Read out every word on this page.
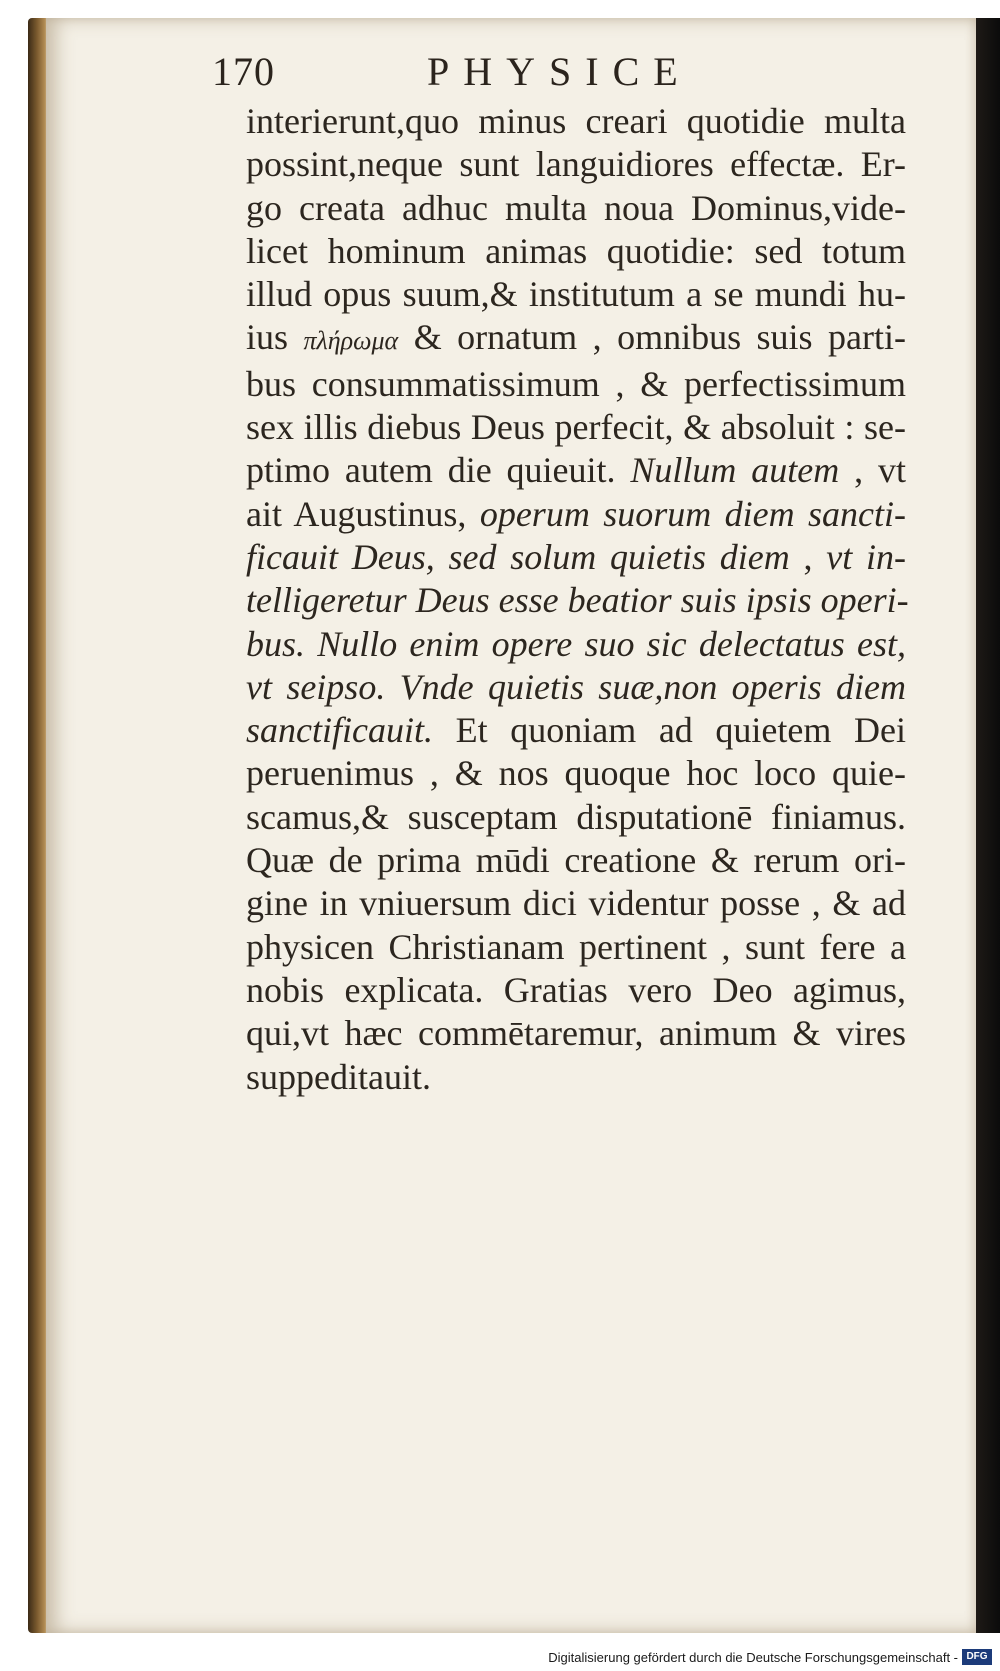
170	PHYSICE
interierunt,quo minus creari quotidie multa
possint,neque sunt languidiores effectæ. Er-
go creata adhuc multa noua Dominus,vide-
licet hominum animas quotidie: sed totum
illud opus suum,& institutum a se mundi hu-
ius πλήρωμα & ornatum , omnibus suis parti-
bus consummatissimum , & perfectissimum
sex illis diebus Deus perfecit, & absoluit : se-
ptimo autem die quieuit. Nullum autem , vt
ait Augustinus, operum suorum diem sancti-
ficauit Deus, sed solum quietis diem , vt in-
telligeretur Deus esse beatior suis ipsis operi-
bus. Nullo enim opere suo sic delectatus est,
vt seipso. Vnde quietis suæ,non operis diem
sanctificauit. Et quoniam ad quietem Dei
peruenimus , & nos quoque hoc loco quie-
scamus,& susceptam disputationē finiamus.
Quæ de prima mūdi creatione & rerum ori-
gine in vniuersum dici videntur posse , & ad
physicen Christianam pertinent , sunt fere a
nobis explicata. Gratias vero Deo agimus,
qui,vt hæc commētaremur, animum & vires
suppeditauit.
Digitalisierung gefördert durch die Deutsche Forschungsgemeinschaft - DFG
